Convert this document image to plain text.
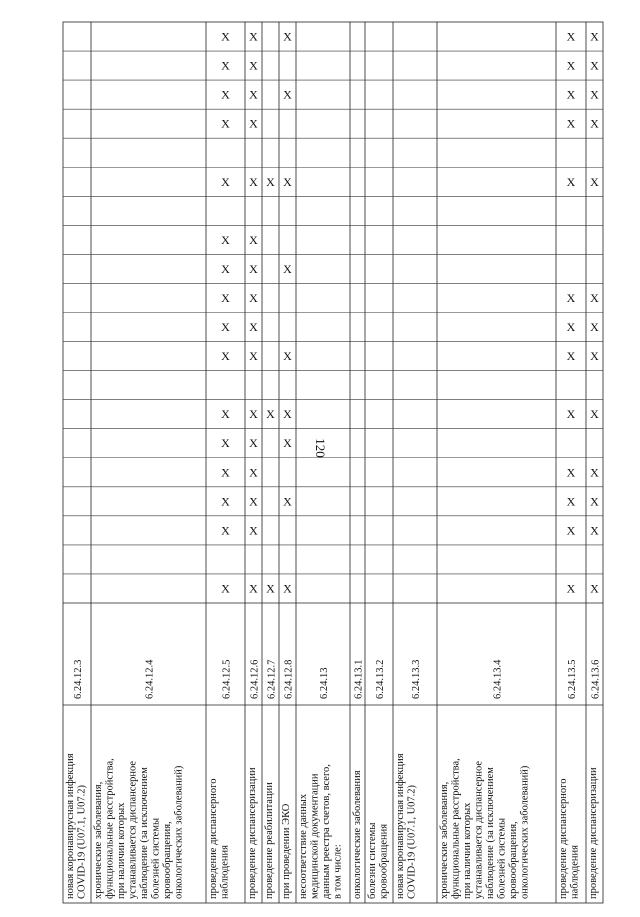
120
новая коронавирусная инфекция COVID-19 (U07.1, U07.2)
6.24.12.3
хронические заболевания, функциональные расстройства, при наличии которых устанавливается диспансерное наблюдение (за исключением болезней системы кровообращения, онкологических заболеваний)
6.24.12.4
проведение диспансерного наблюдения
6.24.12.5
X
X
X
X
X
X
X
X
X
X
X
X
X
X
X
X
проведение диспансеризации
6.24.12.6
X
X
X
X
X
X
X
X
X
X
X
X
X
X
X
X
проведение реабилитации
6.24.12.7
X
X
X
при проведении ЭКО
6.24.12.8
X
X
X
X
X
X
X
X
X
несоответствие данных медицинской документации данным реестра счетов, всего, в том числе:
6.24.13
онкологические заболевания
6.24.13.1
болезни системы кровообращения
6.24.13.2
новая коронавирусная инфекция COVID-19 (U07.1, U07.2)
6.24.13.3
хронические заболевания, функциональные расстройства, при наличии которых устанавливается диспансерное наблюдение (за исключением болезней системы кровообращения, онкологических заболеваний)
6.24.13.4
проведение диспансерного наблюдения
6.24.13.5
X
X
X
X
X
X
X
X
X
X
X
X
X
проведение диспансеризации
6.24.13.6
X
X
X
X
X
X
X
X
X
X
X
X
X
